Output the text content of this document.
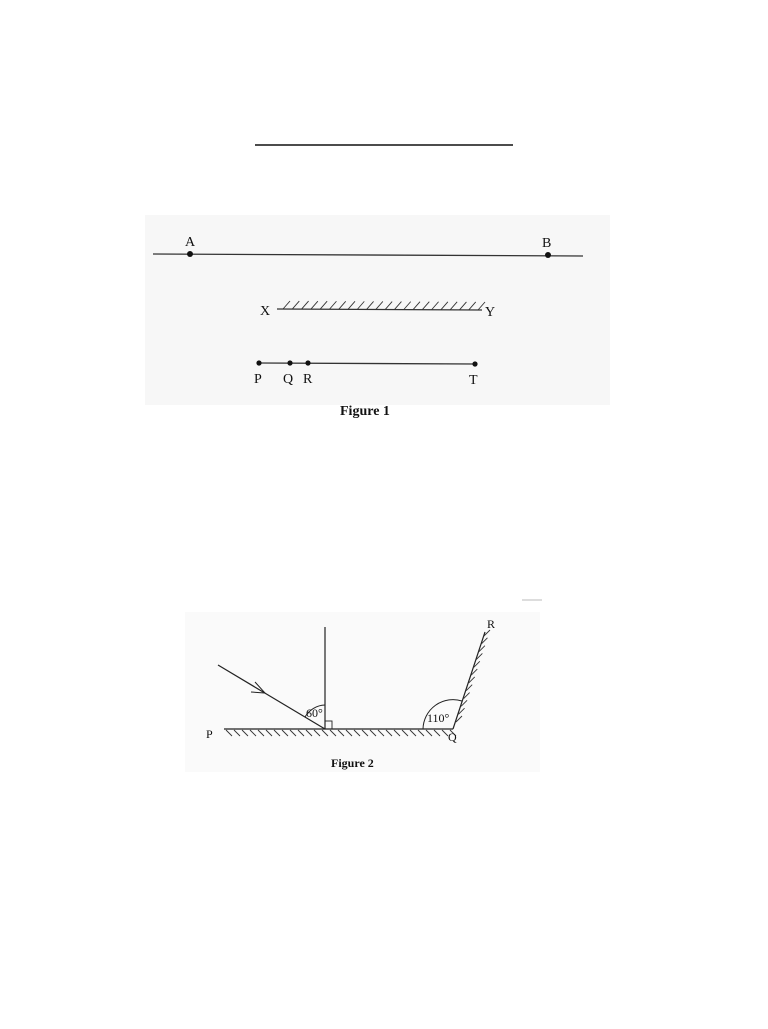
A	B
X	Y
P Q R	T
Figure 1
60°	110°
P	Q
R
Figure 2
